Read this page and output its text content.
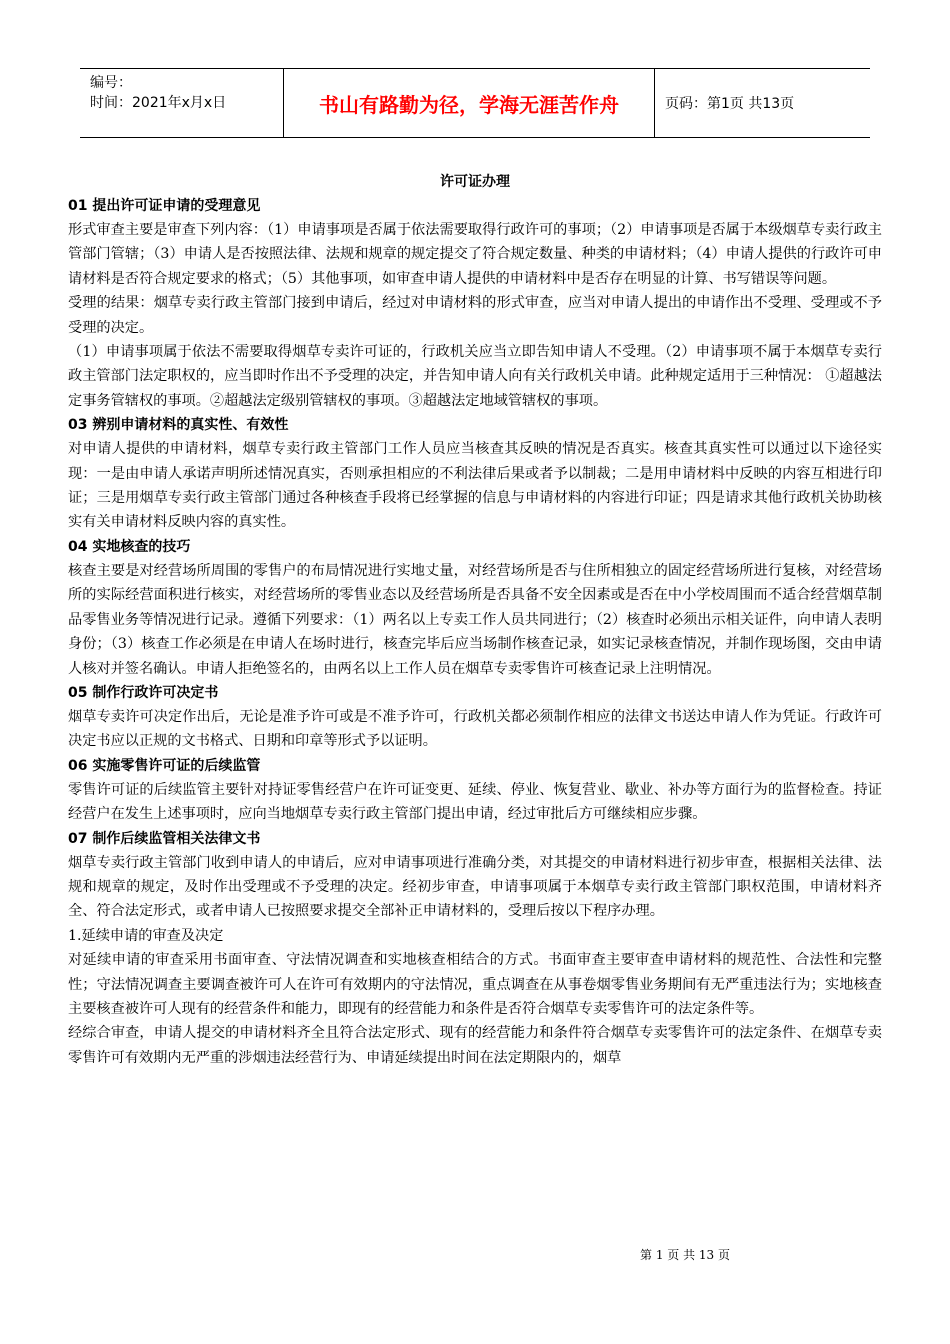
编号：
时间：2021年x月x日	书山有路勤为径，学海无涯苦作舟	页码：第1页 共13页
许可证办理
01 提出许可证申请的受理意见
形式审查主要是审查下列内容：（1）申请事项是否属于依法需要取得行政许可的事项；（2）申请事项是否属于本级烟草专卖行政主管部门管辖；（3）申请人是否按照法律、法规和规章的规定提交了符合规定数量、种类的申请材料；（4）申请人提供的行政许可申请材料是否符合规定要求的格式；（5）其他事项，如审查申请人提供的申请材料中是否存在明显的计算、书写错误等问题。
受理的结果：烟草专卖行政主管部门接到申请后，经过对申请材料的形式审查，应当对申请人提出的申请作出不受理、受理或不予受理的决定。
（1）申请事项属于依法不需要取得烟草专卖许可证的，行政机关应当立即告知申请人不受理。（2）申请事项不属于本烟草专卖行政主管部门法定职权的，应当即时作出不予受理的决定，并告知申请人向有关行政机关申请。此种规定适用于三种情况： ①超越法定事务管辖权的事项。②超越法定级别管辖权的事项。③超越法定地域管辖权的事项。
03 辨别申请材料的真实性、有效性
对申请人提供的申请材料，烟草专卖行政主管部门工作人员应当核查其反映的情况是否真实。核查其真实性可以通过以下途径实现：一是由申请人承诺声明所述情况真实，否则承担相应的不利法律后果或者予以制裁；二是用申请材料中反映的内容互相进行印证；三是用烟草专卖行政主管部门通过各种核查手段将已经掌握的信息与申请材料的内容进行印证；四是请求其他行政机关协助核实有关申请材料反映内容的真实性。
04 实地核查的技巧
核查主要是对经营场所周围的零售户的布局情况进行实地丈量，对经营场所是否与住所相独立的固定经营场所进行复核，对经营场所的实际经营面积进行核实，对经营场所的零售业态以及经营场所是否具备不安全因素或是否在中小学校周围而不适合经营烟草制品零售业务等情况进行记录。遵循下列要求：（1）两名以上专卖工作人员共同进行；（2）核查时必须出示相关证件，向申请人表明身份；（3）核查工作必须是在申请人在场时进行，核查完毕后应当场制作核查记录，如实记录核查情况，并制作现场图，交由申请人核对并签名确认。申请人拒绝签名的，由两名以上工作人员在烟草专卖零售许可核查记录上注明情况。
05 制作行政许可决定书
烟草专卖许可决定作出后，无论是准予许可或是不准予许可，行政机关都必须制作相应的法律文书送达申请人作为凭证。行政许可决定书应以正规的文书格式、日期和印章等形式予以证明。
06 实施零售许可证的后续监管
零售许可证的后续监管主要针对持证零售经营户在许可证变更、延续、停业、恢复营业、歇业、补办等方面行为的监督检查。持证经营户在发生上述事项时，应向当地烟草专卖行政主管部门提出申请，经过审批后方可继续相应步骤。
07 制作后续监管相关法律文书
烟草专卖行政主管部门收到申请人的申请后，应对申请事项进行准确分类，对其提交的申请材料进行初步审查，根据相关法律、法规和规章的规定，及时作出受理或不予受理的决定。经初步审查，申请事项属于本烟草专卖行政主管部门职权范围，申请材料齐全、符合法定形式，或者申请人已按照要求提交全部补正申请材料的，受理后按以下程序办理。
1.延续申请的审查及决定
对延续申请的审查采用书面审查、守法情况调查和实地核查相结合的方式。书面审查主要审查申请材料的规范性、合法性和完整性；守法情况调查主要调查被许可人在许可有效期内的守法情况，重点调查在从事卷烟零售业务期间有无严重违法行为；实地核查主要核查被许可人现有的经营条件和能力，即现有的经营能力和条件是否符合烟草专卖零售许可的法定条件等。
经综合审查，申请人提交的申请材料齐全且符合法定形式、现有的经营能力和条件符合烟草专卖零售许可的法定条件、在烟草专卖零售许可有效期内无严重的涉烟违法经营行为、申请延续提出时间在法定期限内的，烟草
第 1 页 共 13 页
